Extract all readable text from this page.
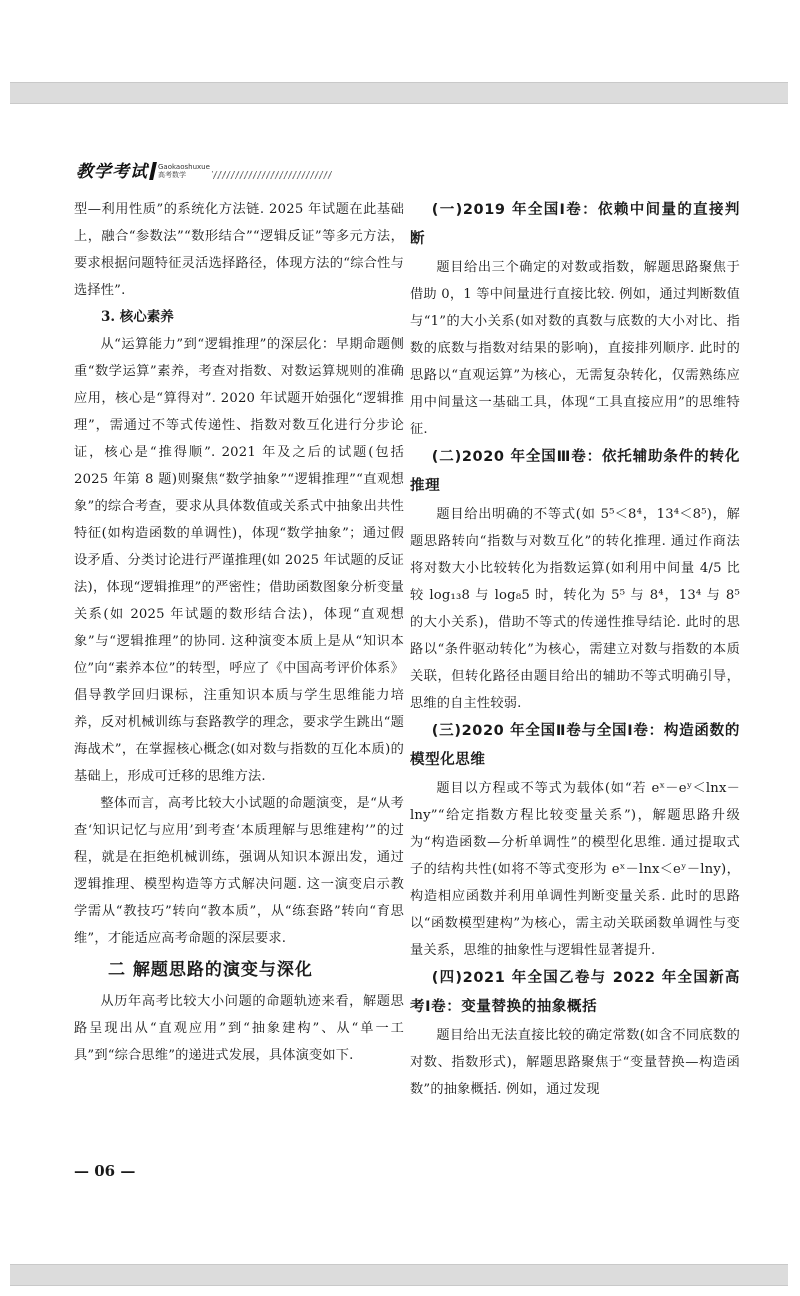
教学考试 Gaokaoshuxue
高考数学

型—利用性质”的系统化方法链. 2025 年试题在此基础上，融合“参数法”“数形结合”“逻辑反证”等多元方法，要求根据问题特征灵活选择路径，体现方法的“综合性与选择性”.

3. 核心素养

从“运算能力”到“逻辑推理”的深层化：早期命题侧重“数学运算”素养，考查对指数、对数运算规则的准确应用，核心是“算得对”. 2020 年试题开始强化“逻辑推理”，需通过不等式传递性、指数对数互化进行分步论证，核心是“推得顺”. 2021 年及之后的试题(包括 2025 年第 8 题)则聚焦“数学抽象”“逻辑推理”“直观想象”的综合考查，要求从具体数值或关系式中抽象出共性特征(如构造函数的单调性)，体现“数学抽象”；通过假设矛盾、分类讨论进行严谨推理(如 2025 年试题的反证法)，体现“逻辑推理”的严密性；借助函数图象分析变量关系(如 2025 年试题的数形结合法)，体现“直观想象”与“逻辑推理”的协同. 这种演变本质上是从“知识本位”向“素养本位”的转型，呼应了《中国高考评价体系》倡导教学回归课标，注重知识本质与学生思维能力培养，反对机械训练与套路教学的理念，要求学生跳出“题海战术”，在掌握核心概念(如对数与指数的互化本质)的基础上，形成可迁移的思维方法.

整体而言，高考比较大小试题的命题演变，是“从考查‘知识记忆与应用’到考查‘本质理解与思维建构’”的过程，就是在拒绝机械训练，强调从知识本源出发，通过逻辑推理、模型构造等方式解决问题. 这一演变启示教学需从“教技巧”转向“教本质”，从“练套路”转向“育思维”，才能适应高考命题的深层要求.

二 解题思路的演变与深化

从历年高考比较大小问题的命题轨迹来看，解题思路呈现出从“直观应用”到“抽象建构”、从“单一工具”到“综合思维”的递进式发展，具体演变如下.

(一)2019 年全国Ⅰ卷：依赖中间量的直接判断

题目给出三个确定的对数或指数，解题思路聚焦于借助 0，1 等中间量进行直接比较. 例如，通过判断数值与“1”的大小关系(如对数的真数与底数的大小对比、指数的底数与指数对结果的影响)，直接排列顺序. 此时的思路以“直观运算”为核心，无需复杂转化，仅需熟练应用中间量这一基础工具，体现“工具直接应用”的思维特征.

(二)2020 年全国Ⅲ卷：依托辅助条件的转化推理

题目给出明确的不等式(如 5⁵＜8⁴，13⁴＜8⁵)，解题思路转向“指数与对数互化”的转化推理. 通过作商法将对数大小比较转化为指数运算(如利用中间量 4/5 比较 log₁₃8 与 log₈5 时，转化为 5⁵ 与 8⁴，13⁴ 与 8⁵ 的大小关系)，借助不等式的传递性推导结论. 此时的思路以“条件驱动转化”为核心，需建立对数与指数的本质关联，但转化路径由题目给出的辅助不等式明确引导，思维的自主性较弱.

(三)2020 年全国Ⅱ卷与全国Ⅰ卷：构造函数的模型化思维

题目以方程或不等式为载体(如“若 eˣ－eʸ＜lnx－lny”“给定指数方程比较变量关系”)，解题思路升级为“构造函数—分析单调性”的模型化思维. 通过提取式子的结构共性(如将不等式变形为 eˣ－lnx＜eʸ－lny)，构造相应函数并利用单调性判断变量关系. 此时的思路以“函数模型建构”为核心，需主动关联函数单调性与变量关系，思维的抽象性与逻辑性显著提升.

(四)2021 年全国乙卷与 2022 年全国新高考Ⅰ卷：变量替换的抽象概括

题目给出无法直接比较的确定常数(如含不同底数的对数、指数形式)，解题思路聚焦于“变量替换—构造函数”的抽象概括. 例如，通过发现

— 06 —
